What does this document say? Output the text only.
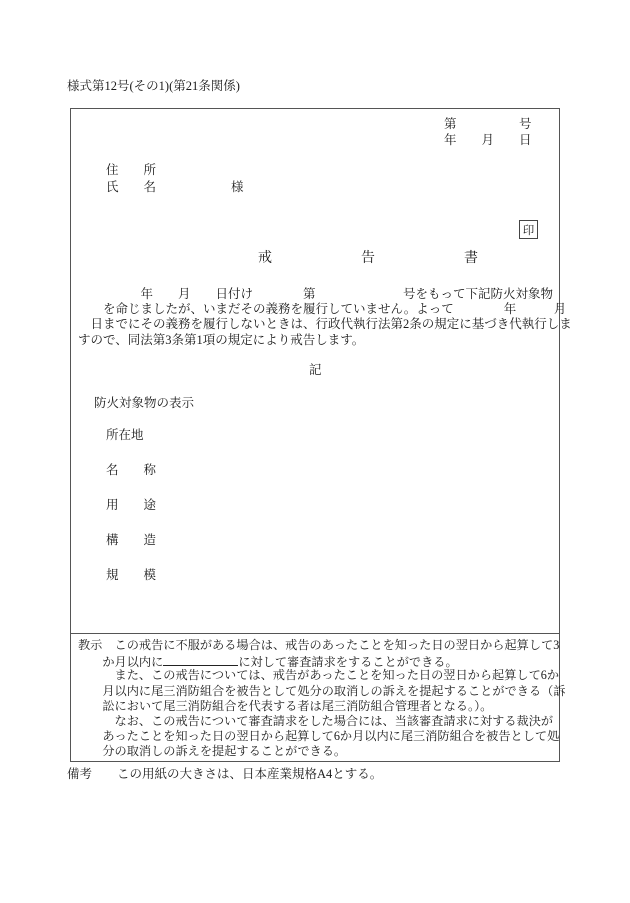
様式第12号(その1)(第21条関係)
第　　　　　号
年　　月　　日
住　　所
氏　　名　　　　　　様
印
戒告書
　　　　　年　　月　　日付け　　　　第　　　　　　　号をもって下記防火対象物
　　を命じましたが、いまだその義務を履行していません。よって　　　　年　　　月
　日までにその義務を履行しないときは、行政代執行法第2条の規定に基づき代執行しま
すので、同法第3条第1項の規定により戒告します。
記
防火対象物の表示
所在地
名　　称
用　　途
構　　造
規　　模
教示　この戒告に不服がある場合は、戒告のあったことを知った日の翌日から起算して3
　　か月以内に	に対して審査請求をすることができる。
　　　また、この戒告については、戒告があったことを知った日の翌日から起算して6か
　　月以内に尾三消防組合を被告として処分の取消しの訴えを提起することができる（訴
　　訟において尾三消防組合を代表する者は尾三消防組合管理者となる。）。
　　　なお、この戒告について審査請求をした場合には、当該審査請求に対する裁決が
　　あったことを知った日の翌日から起算して6か月以内に尾三消防組合を被告として処
　　分の取消しの訴えを提起することができる。
備考　　この用紙の大きさは、日本産業規格A4とする。
